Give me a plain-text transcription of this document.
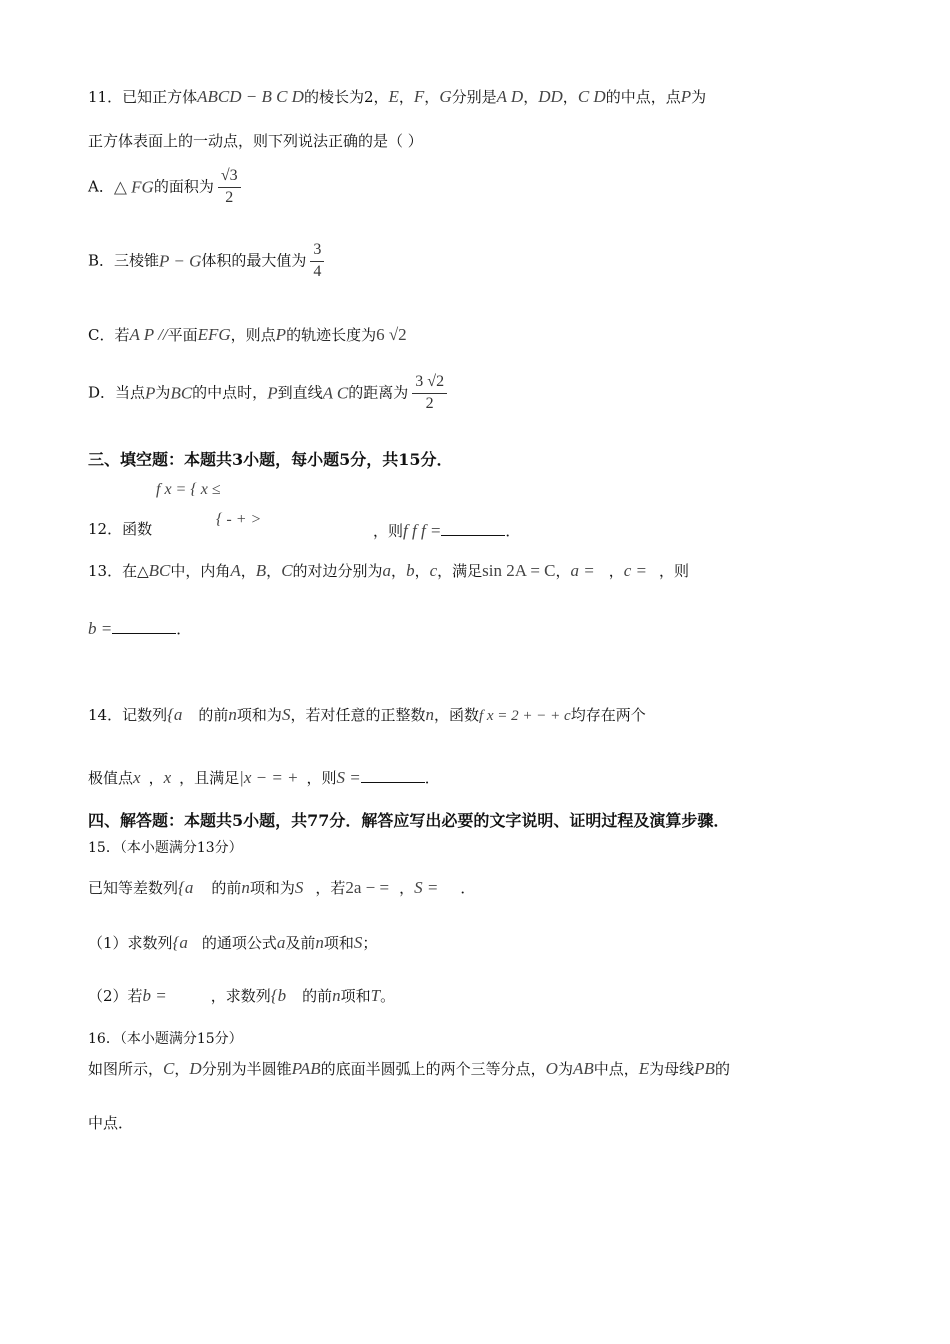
11．已知正方体ABCD − B C D的棱长为2，E，F，G分别是A D，DD，C D的中点，点P为
正方体表面上的一动点，则下列说法正确的是（ ）
A．△ FG的面积为 $\frac{√3}{2}$
B．三棱锥P − G体积的最大值为 $\frac{3}{4}$
C．若A P //平面EFG，则点P的轨迹长度为6 √2
D．当点P为BC的中点时，P到直线A C的距离为 $\frac{3 √2}{2}$
三、填空题：本题共3小题，每小题5分，共15分．
12．函数
f x = { x ≤
{ - + >
，则f f f =	．
13．在△BC中，内角A，B，C的对边分别为a，b，c，满足sin 2A = C，a = ，c = ，则
b =	．
14．记数列{a 的前n项和为S，若对任意的正整数n，函数f x = 2 + − + c均存在两个
极值点x ，x ，且满足|x − = + ，则S =	．
四、解答题：本题共5小题，共77分．解答应写出必要的文字说明、证明过程及演算步骤．
15．（本小题满分13分）
已知等差数列{a 的前n项和为S ，若2a − = ，S = ．
（1）求数列{a 的通项公式a及前n项和S；
（2）若b =	，求数列{b 的前n项和T。
16．（本小题满分15分）
如图所示，C，D分别为半圆锥PAB的底面半圆弧上的两个三等分点，O为AB中点，E为母线PB的
中点．
